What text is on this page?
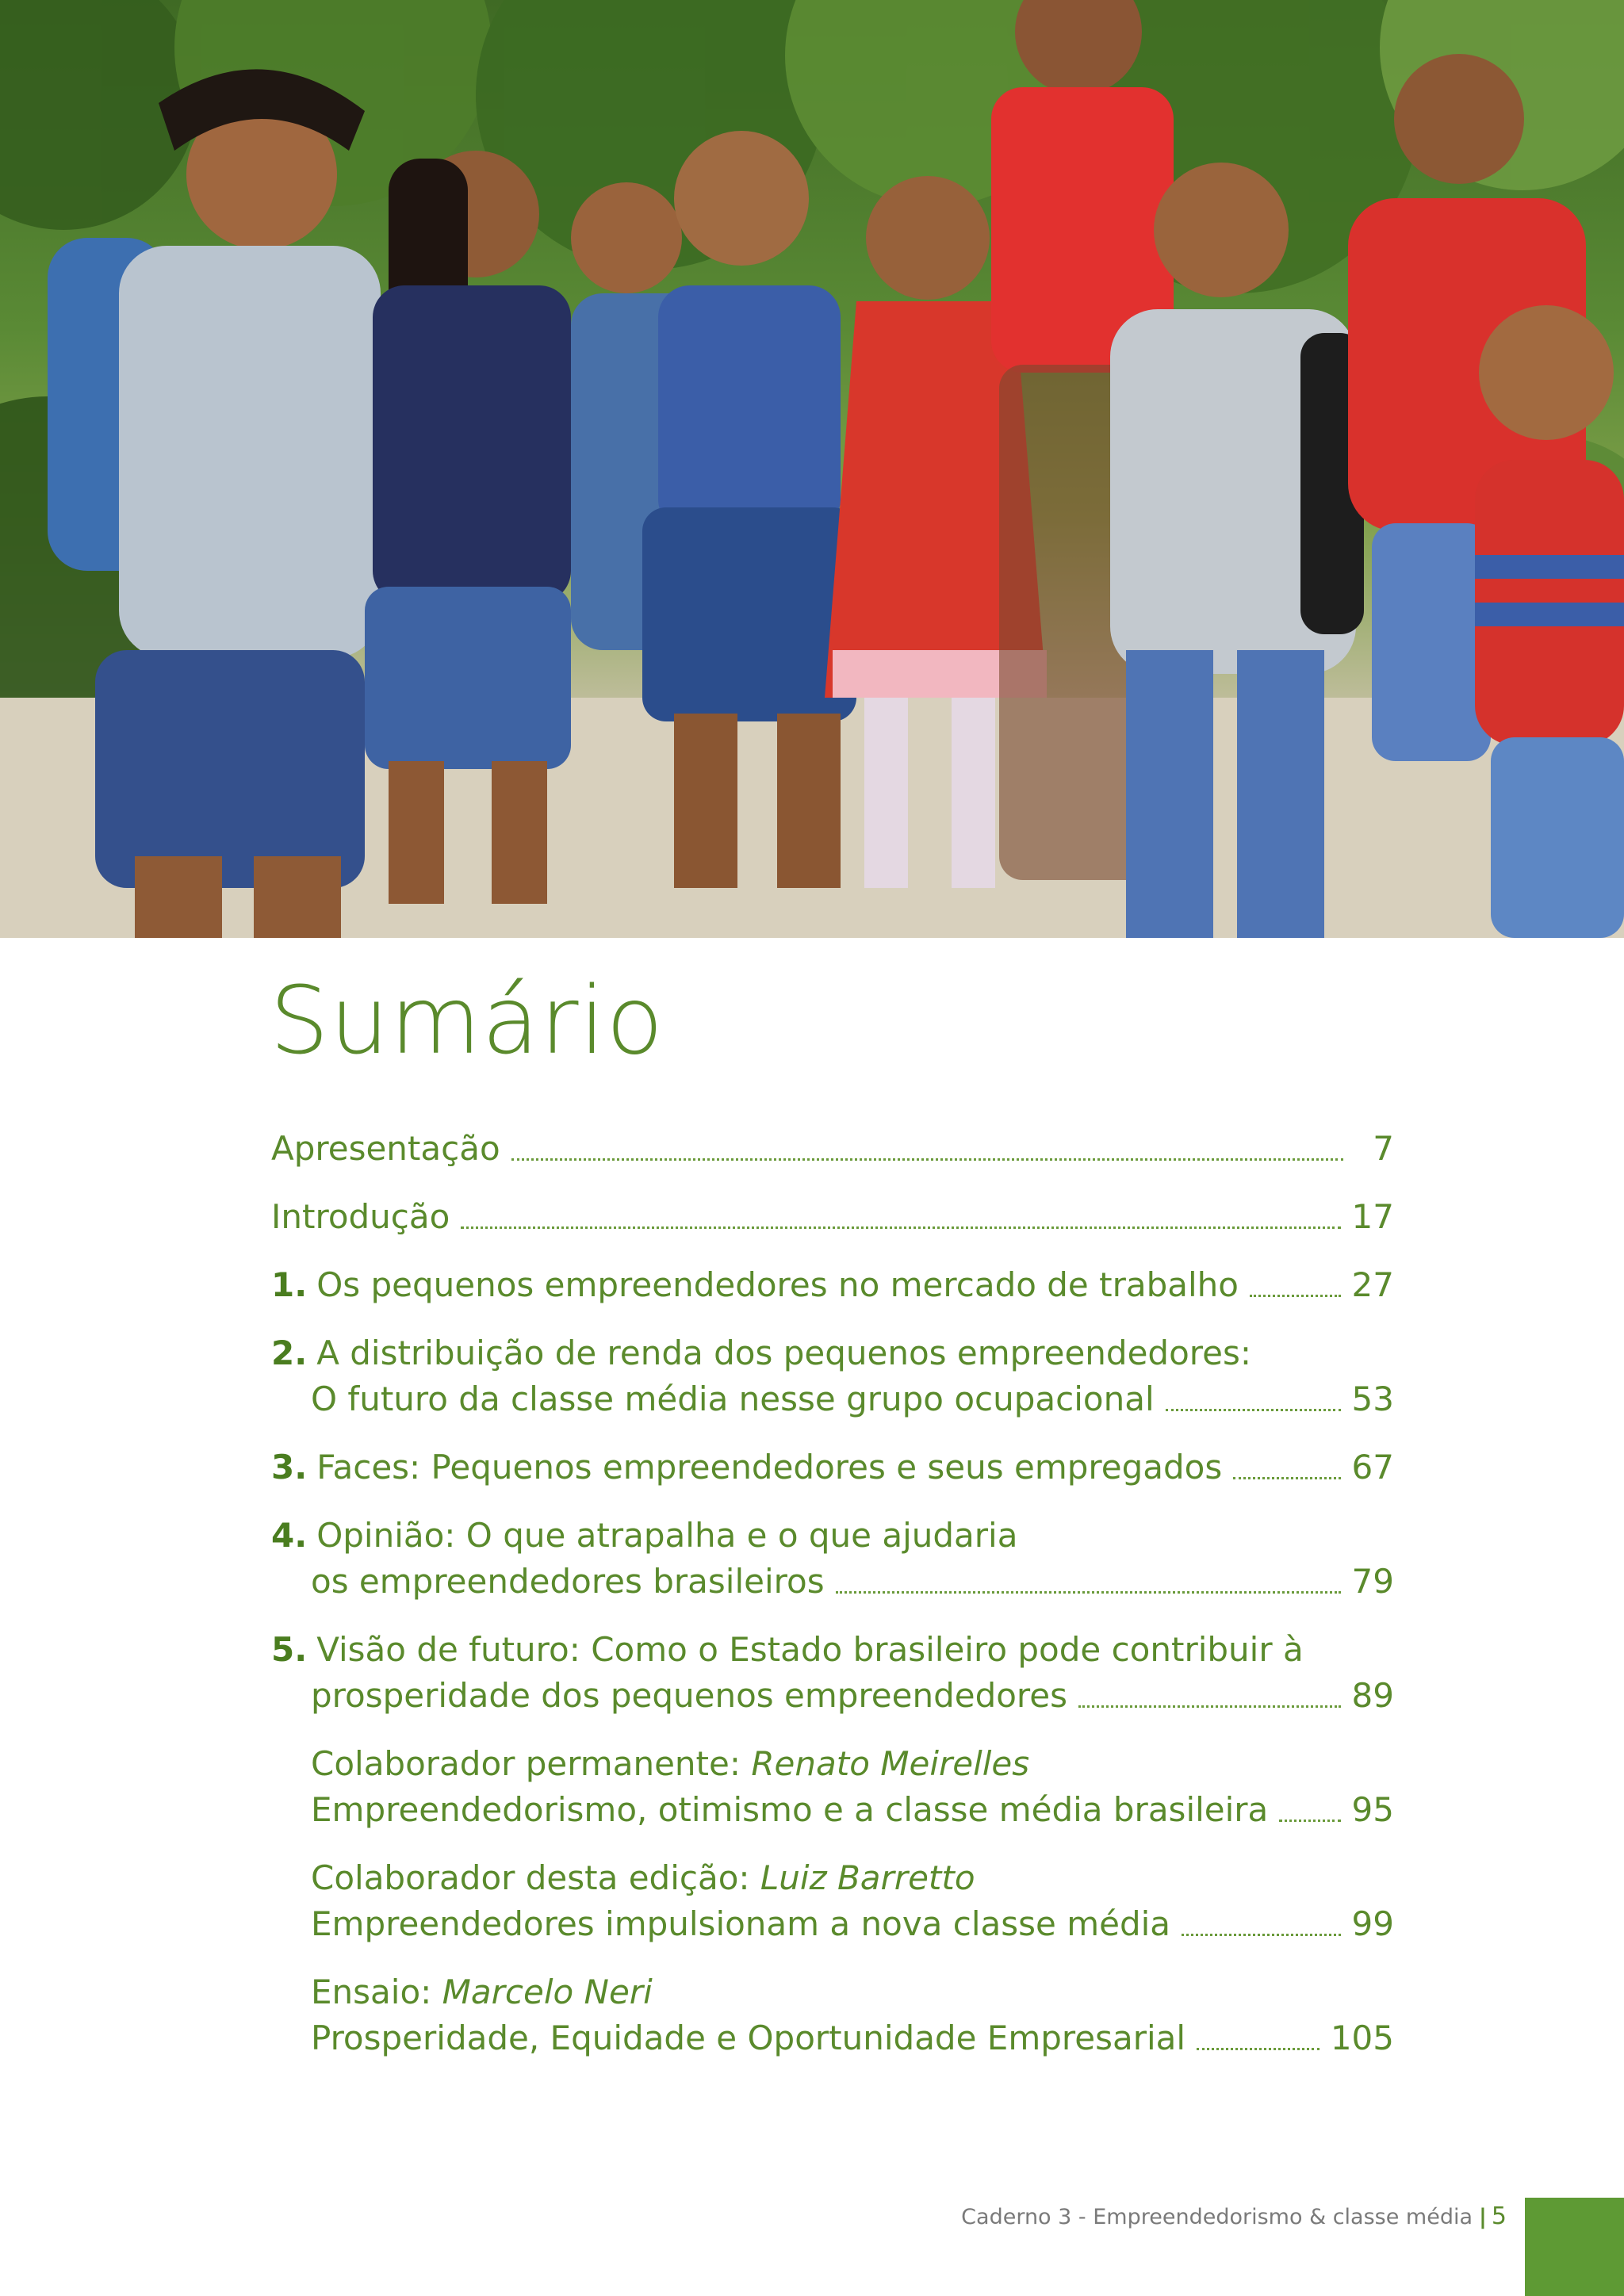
Sumário
Apresentação	7
Introdução	17
1. Os pequenos empreendedores no mercado de trabalho	27
2. A distribuição de renda dos pequenos empreendedores:
O futuro da classe média nesse grupo ocupacional	53
3. Faces: Pequenos empreendedores e seus empregados	67
4. Opinião: O que atrapalha e o que ajudaria
os empreendedores brasileiros	79
5. Visão de futuro: Como o Estado brasileiro pode contribuir à
prosperidade dos pequenos empreendedores	89
Colaborador permanente: Renato Meirelles
Empreendedorismo, otimismo e a classe média brasileira	95
Colaborador desta edição: Luiz Barretto
Empreendedores impulsionam a nova classe média	99
Ensaio: Marcelo Neri
Prosperidade, Equidade e Oportunidade Empresarial	105
Caderno 3 - Empreendedorismo & classe média | 5
